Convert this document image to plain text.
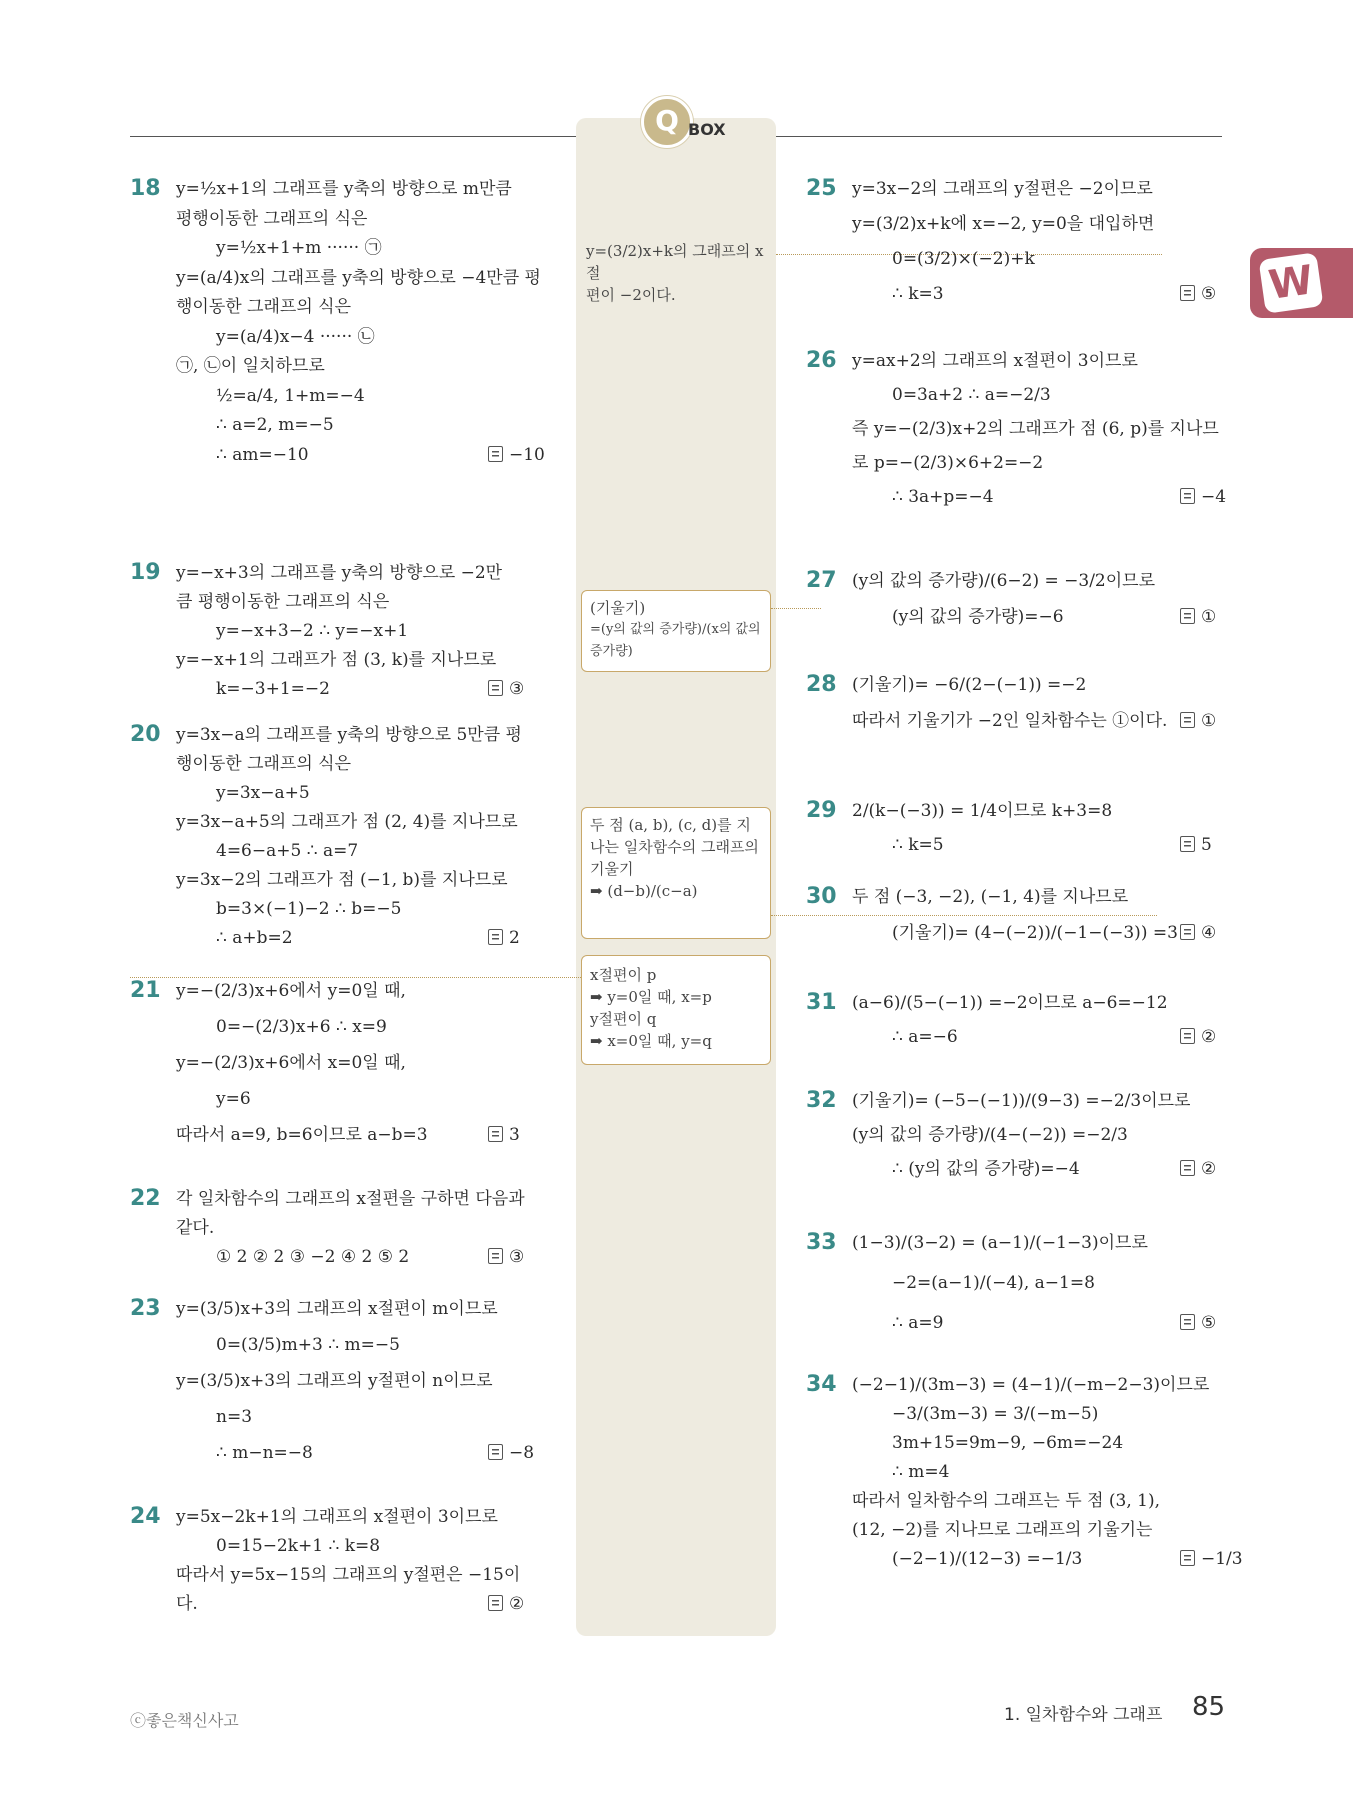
Q BOX
W
y=(3/2)x+k의 그래프의 x절
편이 −2이다.
(기울기)
=(y의 값의 증가량)/(x의 값의 증가량)
두 점 (a, b), (c, d)를 지
나는 일차함수의 그래프의
기울기
➡ (d−b)/(c−a)
x절편이 p
➡ y=0일 때, x=p
y절편이 q
➡ x=0일 때, y=q
ⓒ좋은책신사고	1. 일차함수와 그래프 85
18 y=½x+1의 그래프를 y축의 방향으로 m만큼
평행이동한 그래프의 식은
y=½x+1+m ······ ㉠
y=(a/4)x의 그래프를 y축의 방향으로 −4만큼 평
행이동한 그래프의 식은
y=(a/4)x−4 ······ ㉡
㉠, ㉡이 일치하므로
½=a/4, 1+m=−4
∴ a=2, m=−5
∴ am=−10	−10
19 y=−x+3의 그래프를 y축의 방향으로 −2만
큼 평행이동한 그래프의 식은
y=−x+3−2 ∴ y=−x+1
y=−x+1의 그래프가 점 (3, k)를 지나므로
k=−3+1=−2	③
20 y=3x−a의 그래프를 y축의 방향으로 5만큼 평
행이동한 그래프의 식은
y=3x−a+5
y=3x−a+5의 그래프가 점 (2, 4)를 지나므로
4=6−a+5 ∴ a=7
y=3x−2의 그래프가 점 (−1, b)를 지나므로
b=3×(−1)−2 ∴ b=−5
∴ a+b=2	2
21 y=−(2/3)x+6에서 y=0일 때,
0=−(2/3)x+6 ∴ x=9
y=−(2/3)x+6에서 x=0일 때,
y=6
따라서 a=9, b=6이므로 a−b=3	3
22 각 일차함수의 그래프의 x절편을 구하면 다음과
같다.
① 2 ② 2 ③ −2 ④ 2 ⑤ 2	③
23 y=(3/5)x+3의 그래프의 x절편이 m이므로
0=(3/5)m+3 ∴ m=−5
y=(3/5)x+3의 그래프의 y절편이 n이므로
n=3
∴ m−n=−8	−8
24 y=5x−2k+1의 그래프의 x절편이 3이므로
0=15−2k+1 ∴ k=8
따라서 y=5x−15의 그래프의 y절편은 −15이
다.	②
25 y=3x−2의 그래프의 y절편은 −2이므로
y=(3/2)x+k에 x=−2, y=0을 대입하면
0=(3/2)×(−2)+k
∴ k=3	⑤
26 y=ax+2의 그래프의 x절편이 3이므로
0=3a+2 ∴ a=−2/3
즉 y=−(2/3)x+2의 그래프가 점 (6, p)를 지나므
로 p=−(2/3)×6+2=−2
∴ 3a+p=−4	−4
27 (y의 값의 증가량)/(6−2) = −3/2이므로
(y의 값의 증가량)=−6	①
28 (기울기)= −6/(2−(−1)) =−2
따라서 기울기가 −2인 일차함수는 ①이다.	①
29 2/(k−(−3)) = 1/4이므로 k+3=8
∴ k=5	5
30 두 점 (−3, −2), (−1, 4)를 지나므로
(기울기)= (4−(−2))/(−1−(−3)) =3	④
31 (a−6)/(5−(−1)) =−2이므로 a−6=−12
∴ a=−6	②
32 (기울기)= (−5−(−1))/(9−3) =−2/3이므로
(y의 값의 증가량)/(4−(−2)) =−2/3
∴ (y의 값의 증가량)=−4	②
33 (1−3)/(3−2) = (a−1)/(−1−3)이므로
−2=(a−1)/(−4), a−1=8
∴ a=9	⑤
34 (−2−1)/(3m−3) = (4−1)/(−m−2−3)이므로
−3/(3m−3) = 3/(−m−5)
3m+15=9m−9, −6m=−24
∴ m=4
따라서 일차함수의 그래프는 두 점 (3, 1),
(12, −2)를 지나므로 그래프의 기울기는
(−2−1)/(12−3) =−1/3	−1/3
